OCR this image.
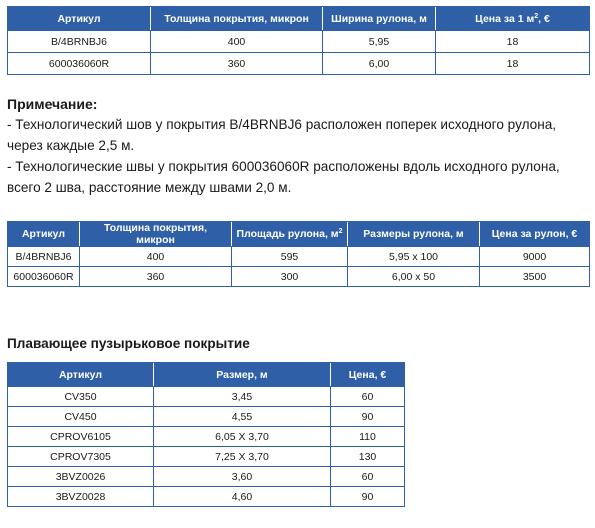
Артикул	Толщина покрытия, микрон	Ширина рулона, м	Цена за 1 $м^2$, €
B/4BRNBJ6	400	5,95	18
600036060R	360	6,00	18

Примечание:

- Технологический шов у покрытия B/4BRNBJ6 расположен поперек исходного рулона,

через каждые 2,5 м.

- Технологические швы у покрытия 600036060R расположены вдоль исходного рулона,

всего 2 шва, расстояние между швами 2,0 м.

Артикул	Толщина покрытия, микрон	Площадь рулона, $м^2$	Размеры рулона, м	Цена за рулон, €
B/4BRNBJ6	400	595	5,95 x 100	9000
600036060R	360	300	6,00 x 50	3500

Плавающее пузырьковое покрытие

Артикул	Размер, м	Цена, €
CV350	3,45	60
CV450	4,55	90
CPROV6105	6,05 X 3,70	110
CPROV7305	7,25 X 3,70	130
3BVZ0026	3,60	60
3BVZ0028	4,60	90
